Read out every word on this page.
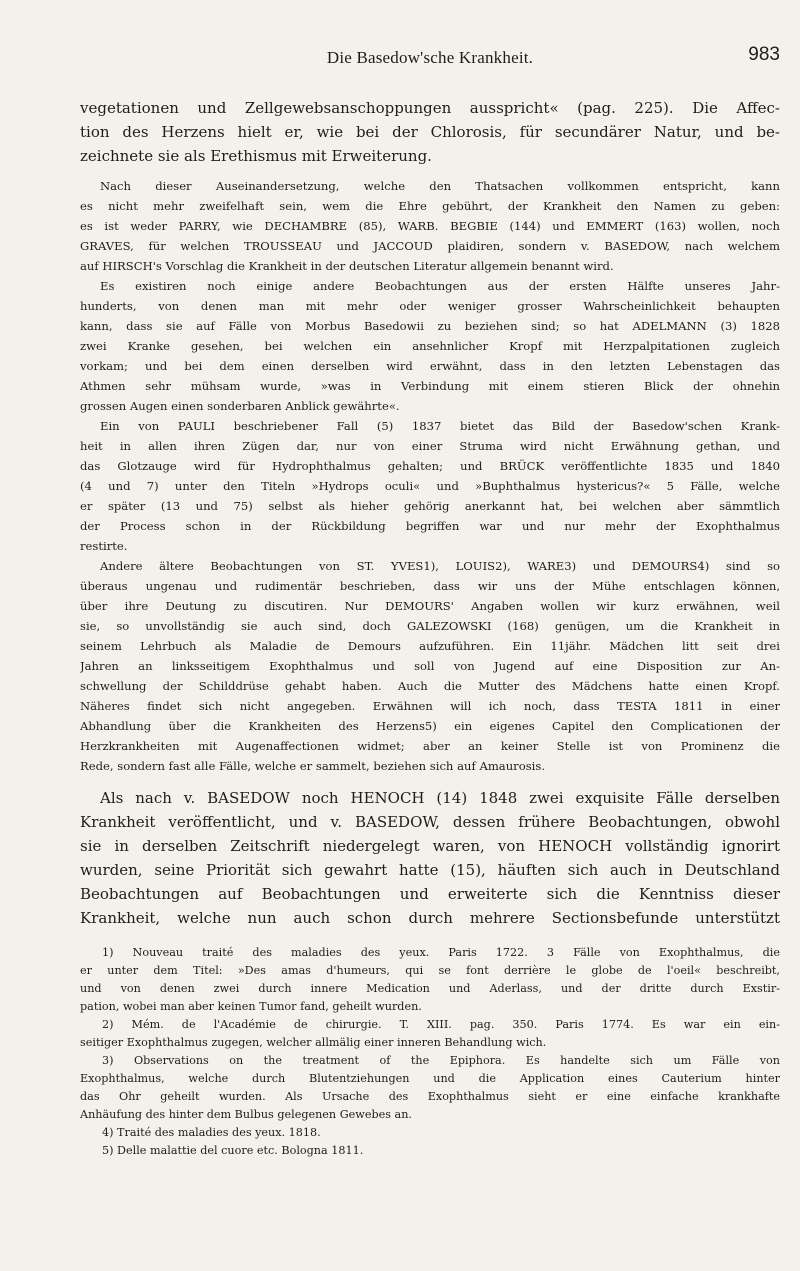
Die Basedow'sche Krankheit.	983
vegetationen und Zellgewebsanschoppungen ausspricht« (pag. 225). Die Affec-
tion des Herzens hielt er, wie bei der Chlorosis, für secundärer Natur, und be-
zeichnete sie als Erethismus mit Erweiterung.
Nach dieser Auseinandersetzung, welche den Thatsachen vollkommen entspricht, kann
es nicht mehr zweifelhaft sein, wem die Ehre gebührt, der Krankheit den Namen zu geben:
es ist weder PARRY, wie DECHAMBRE (85), WARB. BEGBIE (144) und EMMERT (163) wollen, noch
GRAVES, für welchen TROUSSEAU und JACCOUD plaidiren, sondern v. BASEDOW, nach welchem
auf HIRSCH's Vorschlag die Krankheit in der deutschen Literatur allgemein benannt wird.
Es existiren noch einige andere Beobachtungen aus der ersten Hälfte unseres Jahr-
hunderts, von denen man mit mehr oder weniger grosser Wahrscheinlichkeit behaupten
kann, dass sie auf Fälle von Morbus Basedowii zu beziehen sind; so hat ADELMANN (3) 1828
zwei Kranke gesehen, bei welchen ein ansehnlicher Kropf mit Herzpalpitationen zugleich
vorkam; und bei dem einen derselben wird erwähnt, dass in den letzten Lebenstagen das
Athmen sehr mühsam wurde, »was in Verbindung mit einem stieren Blick der ohnehin
grossen Augen einen sonderbaren Anblick gewährte«.
Ein von PAULI beschriebener Fall (5) 1837 bietet das Bild der Basedow'schen Krank-
heit in allen ihren Zügen dar, nur von einer Struma wird nicht Erwähnung gethan, und
das Glotzauge wird für Hydrophthalmus gehalten; und BRÜCK veröffentlichte 1835 und 1840
(4 und 7) unter den Titeln »Hydrops oculi« und »Buphthalmus hystericus?« 5 Fälle, welche
er später (13 und 75) selbst als hieher gehörig anerkannt hat, bei welchen aber sämmtlich
der Process schon in der Rückbildung begriffen war und nur mehr der Exophthalmus
restirte.
Andere ältere Beobachtungen von ST. YVES1), LOUIS2), WARE3) und DEMOURS4) sind so
überaus ungenau und rudimentär beschrieben, dass wir uns der Mühe entschlagen können,
über ihre Deutung zu discutiren. Nur DEMOURS' Angaben wollen wir kurz erwähnen, weil
sie, so unvollständig sie auch sind, doch GALEZOWSKI (168) genügen, um die Krankheit in
seinem Lehrbuch als Maladie de Demours aufzuführen. Ein 11jähr. Mädchen litt seit drei
Jahren an linksseitigem Exophthalmus und soll von Jugend auf eine Disposition zur An-
schwellung der Schilddrüse gehabt haben. Auch die Mutter des Mädchens hatte einen Kropf.
Näheres findet sich nicht angegeben. Erwähnen will ich noch, dass TESTA 1811 in einer
Abhandlung über die Krankheiten des Herzens5) ein eigenes Capitel den Complicationen der
Herzkrankheiten mit Augenaffectionen widmet; aber an keiner Stelle ist von Prominenz die
Rede, sondern fast alle Fälle, welche er sammelt, beziehen sich auf Amaurosis.
Als nach v. BASEDOW noch HENOCH (14) 1848 zwei exquisite Fälle derselben
Krankheit veröffentlicht, und v. BASEDOW, dessen frühere Beobachtungen, obwohl
sie in derselben Zeitschrift niedergelegt waren, von HENOCH vollständig ignorirt
wurden, seine Priorität sich gewahrt hatte (15), häuften sich auch in Deutschland
Beobachtungen auf Beobachtungen und erweiterte sich die Kenntniss dieser
Krankheit, welche nun auch schon durch mehrere Sectionsbefunde unterstützt
1) Nouveau traité des maladies des yeux. Paris 1722. 3 Fälle von Exophthalmus, die
er unter dem Titel: »Des amas d'humeurs, qui se font derrière le globe de l'oeil« beschreibt,
und von denen zwei durch innere Medication und Aderlass, und der dritte durch Exstir-
pation, wobei man aber keinen Tumor fand, geheilt wurden.
2) Mém. de l'Académie de chirurgie. T. XIII. pag. 350. Paris 1774. Es war ein ein-
seitiger Exophthalmus zugegen, welcher allmälig einer inneren Behandlung wich.
3) Observations on the treatment of the Epiphora. Es handelte sich um Fälle von
Exophthalmus, welche durch Blutentziehungen und die Application eines Cauterium hinter
das Ohr geheilt wurden. Als Ursache des Exophthalmus sieht er eine einfache krankhafte
Anhäufung des hinter dem Bulbus gelegenen Gewebes an.
4) Traité des maladies des yeux. 1818.
5) Delle malattie del cuore etc. Bologna 1811.
